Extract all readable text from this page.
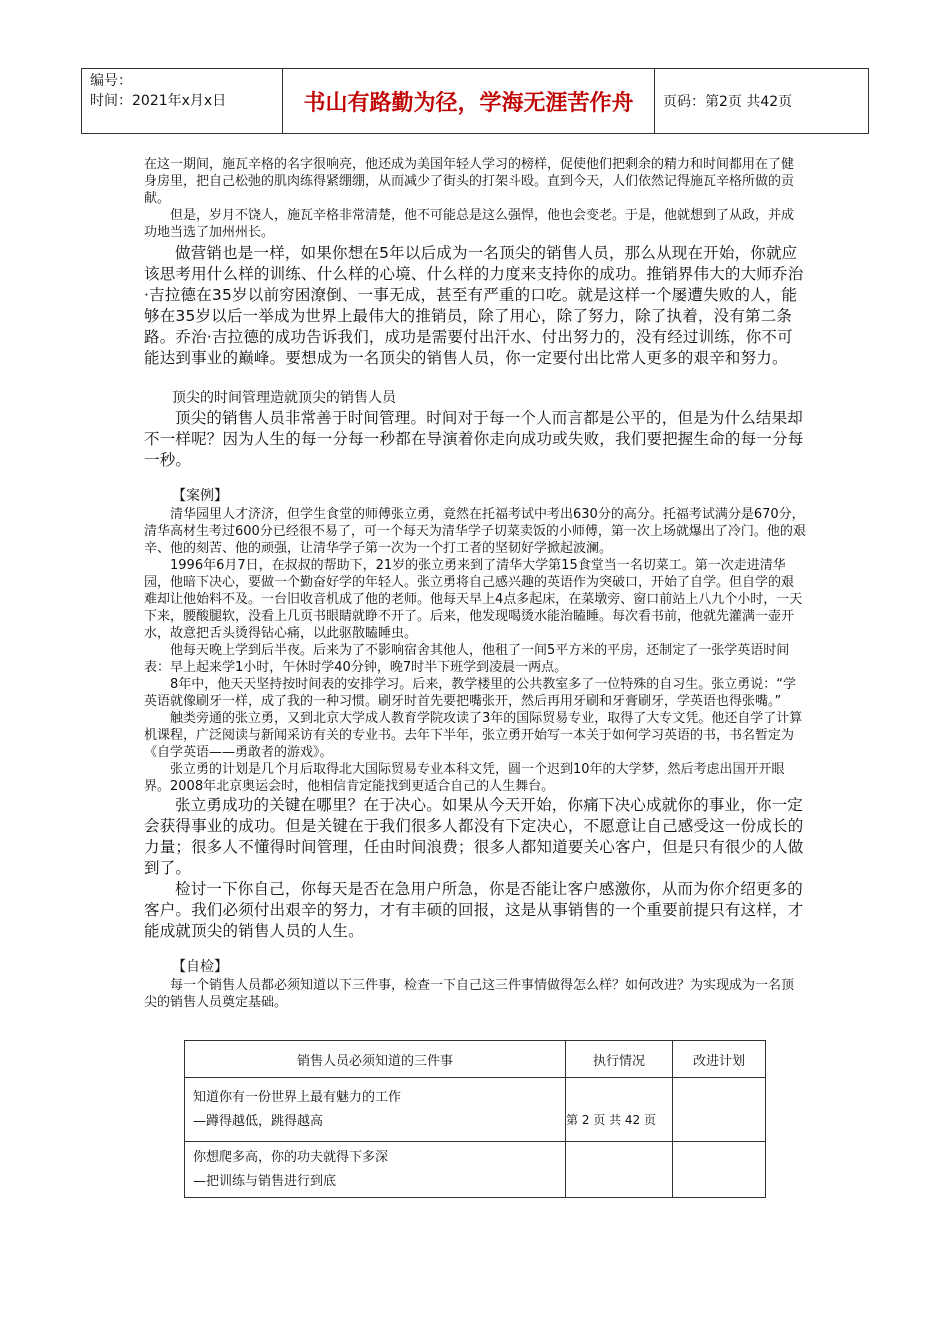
编号：
时间：2021年x月x日	书山有路勤为径，学海无涯苦作舟	页码：第2页 共42页

在这一期间，施瓦辛格的名字很响亮，他还成为美国年轻人学习的榜样，促使他们把剩余的精力和时间都用在了健身房里，把自己松弛的肌肉练得紧绷绷，从而减少了街头的打架斗殴。直到今天，人们依然记得施瓦辛格所做的贡献。

但是，岁月不饶人，施瓦辛格非常清楚，他不可能总是这么强悍，他也会变老。于是，他就想到了从政，并成功地当选了加州州长。

做营销也是一样，如果你想在5年以后成为一名顶尖的销售人员，那么从现在开始，你就应该思考用什么样的训练、什么样的心境、什么样的力度来支持你的成功。推销界伟大的大师乔治·吉拉德在35岁以前穷困潦倒、一事无成，甚至有严重的口吃。就是这样一个屡遭失败的人，能够在35岁以后一举成为世界上最伟大的推销员，除了用心，除了努力，除了执着，没有第二条路。乔治·吉拉德的成功告诉我们，成功是需要付出汗水、付出努力的，没有经过训练，你不可能达到事业的巅峰。要想成为一名顶尖的销售人员，你一定要付出比常人更多的艰辛和努力。

顶尖的时间管理造就顶尖的销售人员

顶尖的销售人员非常善于时间管理。时间对于每一个人而言都是公平的，但是为什么结果却不一样呢？因为人生的每一分每一秒都在导演着你走向成功或失败，我们要把握生命的每一分每一秒。

【案例】

清华园里人才济济，但学生食堂的师傅张立勇，竟然在托福考试中考出630分的高分。托福考试满分是670分，清华高材生考过600分已经很不易了，可一个每天为清华学子切菜卖饭的小师傅，第一次上场就爆出了冷门。他的艰辛、他的刻苦、他的顽强，让清华学子第一次为一个打工者的坚韧好学掀起波澜。

1996年6月7日，在叔叔的帮助下，21岁的张立勇来到了清华大学第15食堂当一名切菜工。第一次走进清华园，他暗下决心，要做一个勤奋好学的年轻人。张立勇将自己感兴趣的英语作为突破口，开始了自学。但自学的艰难却让他始料不及。一台旧收音机成了他的老师。他每天早上4点多起床，在菜墩旁、窗口前站上八九个小时，一天下来，腰酸腿软，没看上几页书眼睛就睁不开了。后来，他发现喝烫水能治瞌睡。每次看书前，他就先灌满一壶开水，故意把舌头烫得钻心痛，以此驱散瞌睡虫。

他每天晚上学到后半夜。后来为了不影响宿舍其他人，他租了一间5平方米的平房，还制定了一张学英语时间表：早上起来学1小时，午休时学40分钟，晚7时半下班学到凌晨一两点。

8年中，他天天坚持按时间表的安排学习。后来，教学楼里的公共教室多了一位特殊的自习生。张立勇说：“学英语就像刷牙一样，成了我的一种习惯。刷牙时首先要把嘴张开，然后再用牙刷和牙膏刷牙，学英语也得张嘴。”

触类旁通的张立勇，又到北京大学成人教育学院攻读了3年的国际贸易专业，取得了大专文凭。他还自学了计算机课程，广泛阅读与新闻采访有关的专业书。去年下半年，张立勇开始写一本关于如何学习英语的书，书名暂定为《自学英语——勇敢者的游戏》。

张立勇的计划是几个月后取得北大国际贸易专业本科文凭，圆一个迟到10年的大学梦，然后考虑出国开开眼界。2008年北京奥运会时，他相信肯定能找到更适合自己的人生舞台。

张立勇成功的关键在哪里？在于决心。如果从今天开始，你痛下决心成就你的事业，你一定会获得事业的成功。但是关键在于我们很多人都没有下定决心，不愿意让自己感受这一份成长的力量；很多人不懂得时间管理，任由时间浪费；很多人都知道要关心客户，但是只有很少的人做到了。

检讨一下你自己，你每天是否在急用户所急，你是否能让客户感激你，从而为你介绍更多的客户。我们必须付出艰辛的努力，才有丰硕的回报，这是从事销售的一个重要前提只有这样，才能成就顶尖的销售人员的人生。

【自检】

每一个销售人员都必须知道以下三件事，检查一下自己这三件事情做得怎么样？如何改进？为实现成为一名顶尖的销售人员奠定基础。

销售人员必须知道的三件事	执行情况	改进计划

知道你有一份世界上最有魅力的工作
—蹲得越低，跳得越高	第 2 页 共 42 页	

你想爬多高，你的功夫就得下多深
—把训练与销售进行到底		
